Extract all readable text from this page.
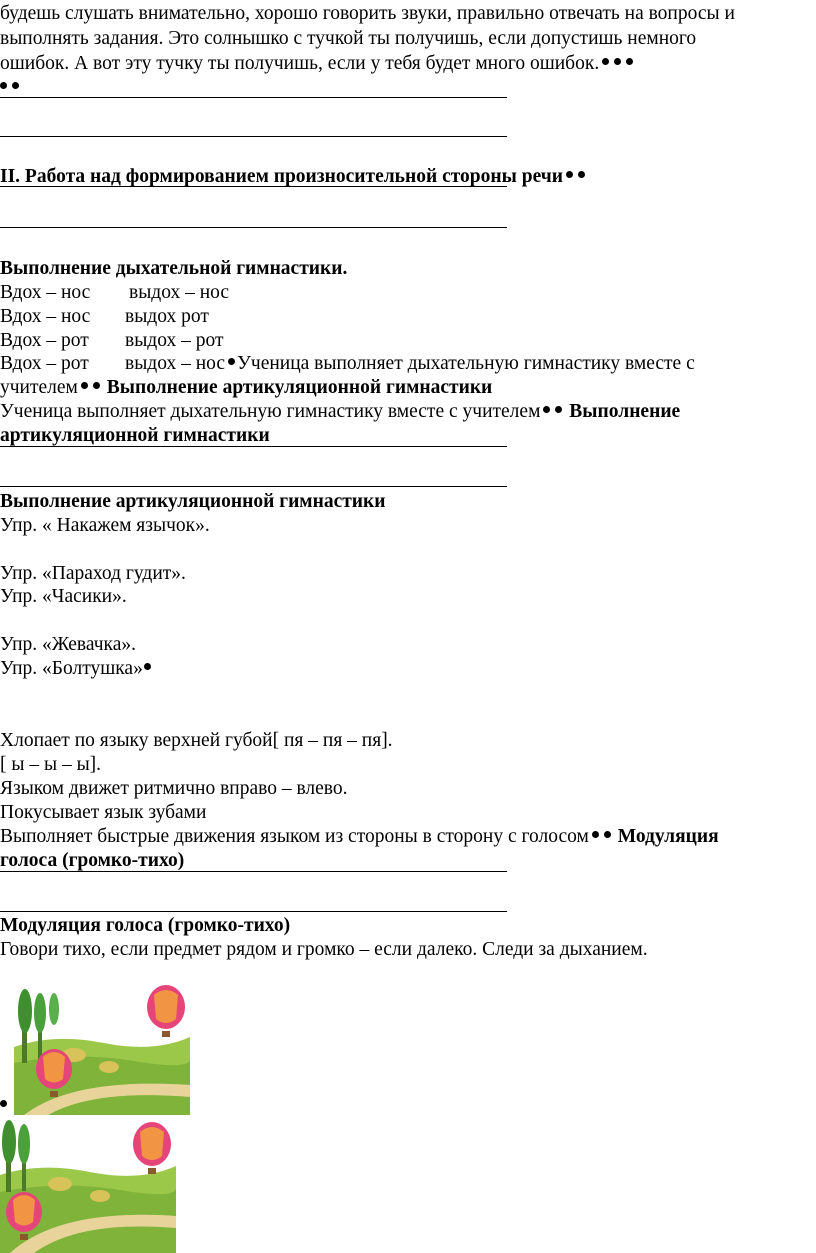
будешь слушать внимательно, хорошо говорить звуки, правильно отвечать на вопросы и
выполнять задания. Это солнышко с тучкой ты получишь, если допустишь немного
ошибок. А вот эту тучку ты получишь, если у тебя будет много ошибок.
II. Работа над формированием произносительной стороны речи
Выполнение дыхательной гимнастики.
Вдох – нос выдох – нос
Вдох – нос выдох рот
Вдох – рот выдох – рот
Вдох – рот выдох – нос Ученица выполняет дыхательную гимнастику вместе с
учителем Выполнение артикуляционной гимнастики
Ученица выполняет дыхательную гимнастику вместе с учителем Выполнение
артикуляционной гимнастики
Выполнение артикуляционной гимнастики
Упр. « Накажем язычок».
Упр. «Параход гудит».
Упр. «Часики».
Упр. «Жевачка».
Упр. «Болтушка»
Хлопает по языку верхней губой[ пя – пя – пя].
[ ы – ы – ы].
Языком движет ритмично вправо – влево.
Покусывает язык зубами
Выполняет быстрые движения языком из стороны в сторону с голосом Модуляция
голоса (громко-тихо)
Модуляция голоса (громко-тихо)
Говори тихо, если предмет рядом и громко – если далеко. Следи за дыханием.
